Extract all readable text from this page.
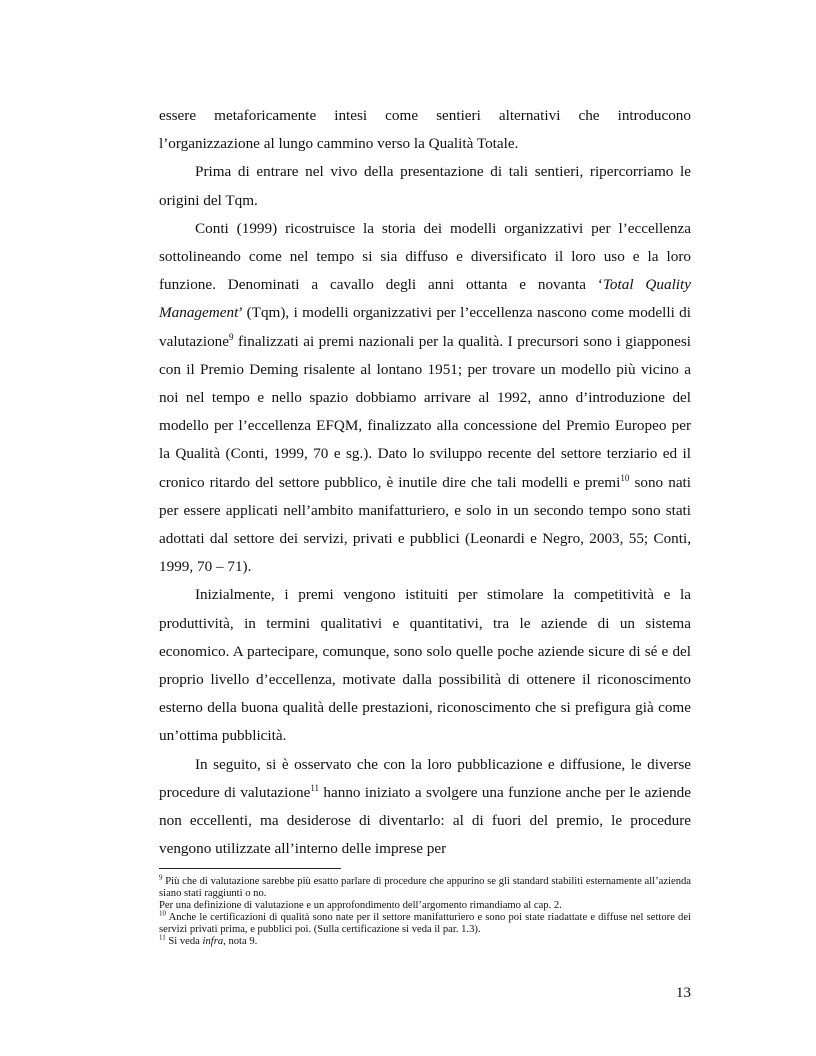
essere metaforicamente intesi come sentieri alternativi che introducono l’organizzazione al lungo cammino verso la Qualità Totale.

Prima di entrare nel vivo della presentazione di tali sentieri, ripercorriamo le origini del Tqm.

Conti (1999) ricostruisce la storia dei modelli organizzativi per l’eccellenza sottolineando come nel tempo si sia diffuso e diversificato il loro uso e la loro funzione. Denominati a cavallo degli anni ottanta e novanta ‘Total Quality Management’ (Tqm), i modelli organizzativi per l’eccellenza nascono come modelli di valutazione$^9$ finalizzati ai premi nazionali per la qualità. I precursori sono i giapponesi con il Premio Deming risalente al lontano 1951; per trovare un modello più vicino a noi nel tempo e nello spazio dobbiamo arrivare al 1992, anno d’introduzione del modello per l’eccellenza EFQM, finalizzato alla concessione del Premio Europeo per la Qualità (Conti, 1999, 70 e sg.). Dato lo sviluppo recente del settore terziario ed il cronico ritardo del settore pubblico, è inutile dire che tali modelli e premi$^{10}$ sono nati per essere applicati nell’ambito manifatturiero, e solo in un secondo tempo sono stati adottati dal settore dei servizi, privati e pubblici (Leonardi e Negro, 2003, 55; Conti, 1999, 70 – 71).

Inizialmente, i premi vengono istituiti per stimolare la competitività e la produttività, in termini qualitativi e quantitativi, tra le aziende di un sistema economico. A partecipare, comunque, sono solo quelle poche aziende sicure di sé e del proprio livello d’eccellenza, motivate dalla possibilità di ottenere il riconoscimento esterno della buona qualità delle prestazioni, riconoscimento che si prefigura già come un’ottima pubblicità.

In seguito, si è osservato che con la loro pubblicazione e diffusione, le diverse procedure di valutazione$^{11}$ hanno iniziato a svolgere una funzione anche per le aziende non eccellenti, ma desiderose di diventarlo: al di fuori del premio, le procedure vengono utilizzate all’interno delle imprese per

$^9$ Più che di valutazione sarebbe più esatto parlare di procedure che appurino se gli standard stabiliti esternamente all’azienda siano stati raggiunti o no.

Per una definizione di valutazione e un approfondimento dell’argomento rimandiamo al cap. 2.

$^{10}$ Anche le certificazioni di qualità sono nate per il settore manifatturiero e sono poi state riadattate e diffuse nel settore dei servizi privati prima, e pubblici poi. (Sulla certificazione si veda il par. 1.3).

$^{11}$ Si veda infra, nota 9.

13
